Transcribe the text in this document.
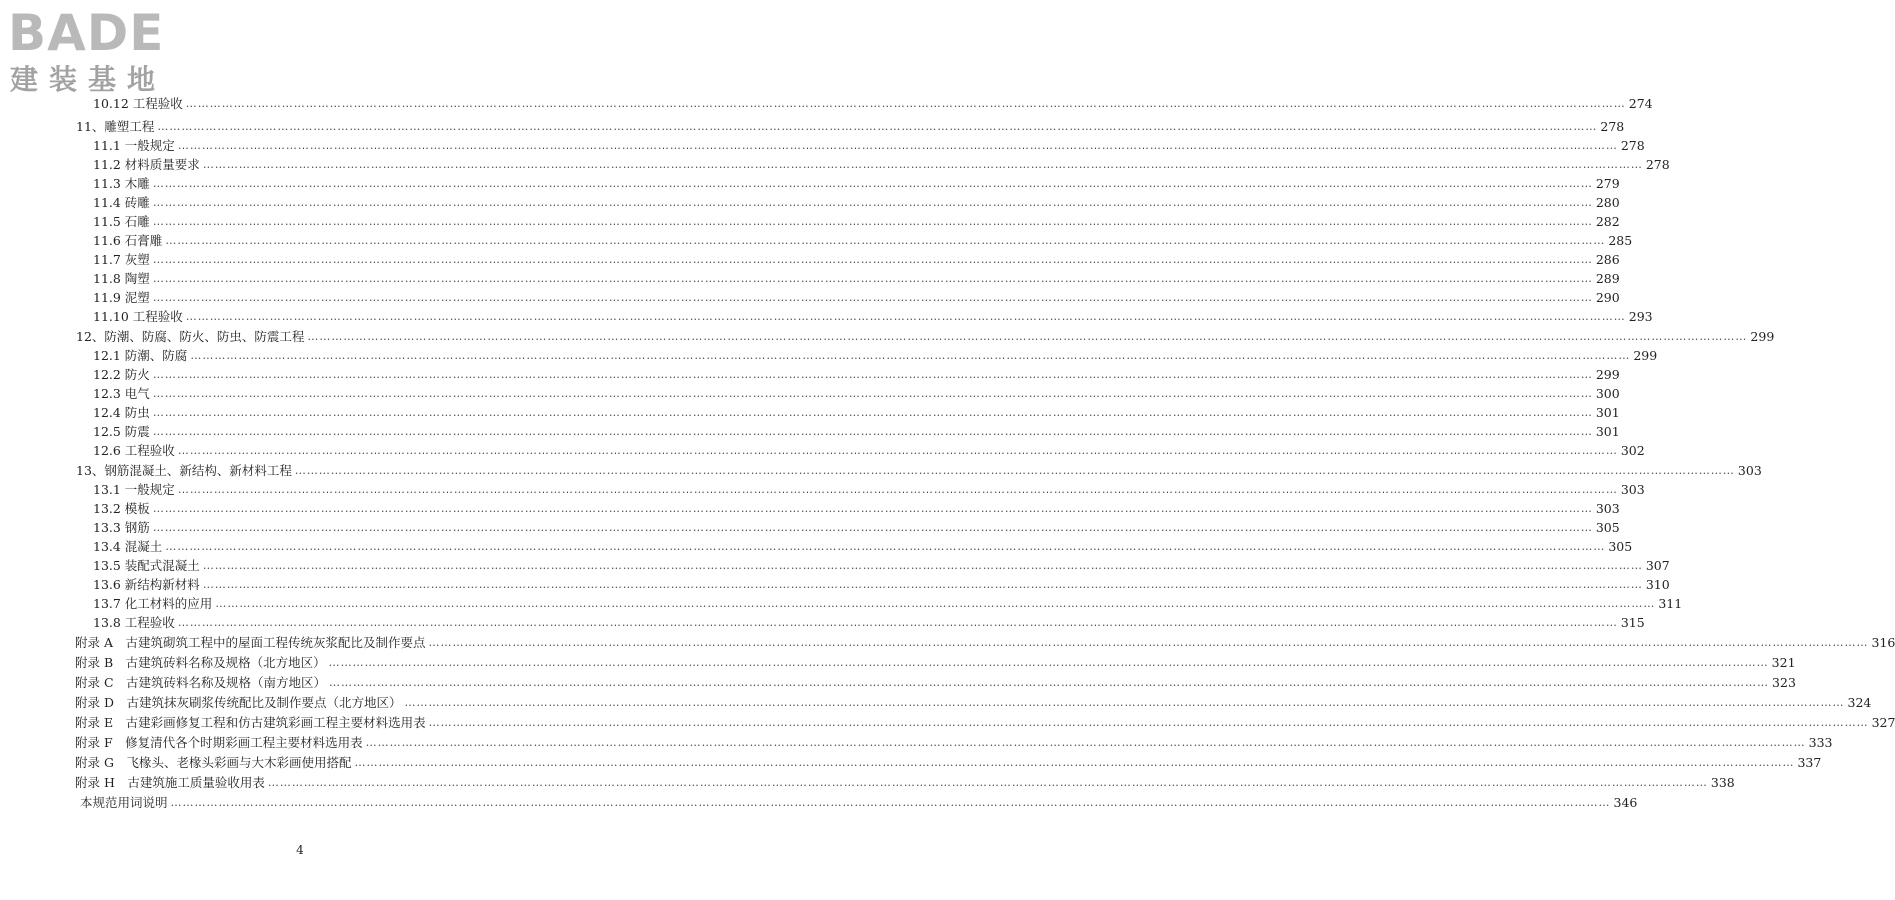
BADE
建装基地
10.12 工程验收 ……………………………………………………………………………………………………………………………………………………………………………………………………………………………………………………………………………………………………………………………… 274
11、雕塑工程 ……………………………………………………………………………………………………………………………………………………………………………………………………………………………………………………………………………………………………………………………… 278
11.1 一般规定 ……………………………………………………………………………………………………………………………………………………………………………………………………………………………………………………………………………………………………………………………… 278
11.2 材料质量要求 ……………………………………………………………………………………………………………………………………………………………………………………………………………………………………………………………………………………………………………………………… 278
11.3 木雕 ……………………………………………………………………………………………………………………………………………………………………………………………………………………………………………………………………………………………………………………………… 279
11.4 砖雕 ……………………………………………………………………………………………………………………………………………………………………………………………………………………………………………………………………………………………………………………………… 280
11.5 石雕 ……………………………………………………………………………………………………………………………………………………………………………………………………………………………………………………………………………………………………………………………… 282
11.6 石膏雕 ……………………………………………………………………………………………………………………………………………………………………………………………………………………………………………………………………………………………………………………………… 285
11.7 灰塑 ……………………………………………………………………………………………………………………………………………………………………………………………………………………………………………………………………………………………………………………………… 286
11.8 陶塑 ……………………………………………………………………………………………………………………………………………………………………………………………………………………………………………………………………………………………………………………………… 289
11.9 泥塑 ……………………………………………………………………………………………………………………………………………………………………………………………………………………………………………………………………………………………………………………………… 290
11.10 工程验收 ……………………………………………………………………………………………………………………………………………………………………………………………………………………………………………………………………………………………………………………………… 293
12、防潮、防腐、防火、防虫、防震工程 ……………………………………………………………………………………………………………………………………………………………………………………………………………………………………………………………………………………………………………………………… 299
12.1 防潮、防腐 ……………………………………………………………………………………………………………………………………………………………………………………………………………………………………………………………………………………………………………………………… 299
12.2 防火 ……………………………………………………………………………………………………………………………………………………………………………………………………………………………………………………………………………………………………………………………… 299
12.3 电气 ……………………………………………………………………………………………………………………………………………………………………………………………………………………………………………………………………………………………………………………………… 300
12.4 防虫 ……………………………………………………………………………………………………………………………………………………………………………………………………………………………………………………………………………………………………………………………… 301
12.5 防震 ……………………………………………………………………………………………………………………………………………………………………………………………………………………………………………………………………………………………………………………………… 301
12.6 工程验收 ……………………………………………………………………………………………………………………………………………………………………………………………………………………………………………………………………………………………………………………………… 302
13、钢筋混凝土、新结构、新材料工程 ……………………………………………………………………………………………………………………………………………………………………………………………………………………………………………………………………………………………………………………………… 303
13.1 一般规定 ……………………………………………………………………………………………………………………………………………………………………………………………………………………………………………………………………………………………………………………………… 303
13.2 模板 ……………………………………………………………………………………………………………………………………………………………………………………………………………………………………………………………………………………………………………………………… 303
13.3 钢筋 ……………………………………………………………………………………………………………………………………………………………………………………………………………………………………………………………………………………………………………………………… 305
13.4 混凝土 ……………………………………………………………………………………………………………………………………………………………………………………………………………………………………………………………………………………………………………………………… 305
13.5 装配式混凝土 ……………………………………………………………………………………………………………………………………………………………………………………………………………………………………………………………………………………………………………………………… 307
13.6 新结构新材料 ……………………………………………………………………………………………………………………………………………………………………………………………………………………………………………………………………………………………………………………………… 310
13.7 化工材料的应用 ……………………………………………………………………………………………………………………………………………………………………………………………………………………………………………………………………………………………………………………………… 311
13.8 工程验收 ……………………………………………………………………………………………………………………………………………………………………………………………………………………………………………………………………………………………………………………………… 315
附录 A　古建筑砌筑工程中的屋面工程传统灰浆配比及制作要点 ……………………………………………………………………………………………………………………………………………………………………………………………………………………………………………………………………………………………………………………………… 316
附录 B　古建筑砖料名称及规格（北方地区） ……………………………………………………………………………………………………………………………………………………………………………………………………………………………………………………………………………………………………………………………… 321
附录 C　古建筑砖料名称及规格（南方地区） ……………………………………………………………………………………………………………………………………………………………………………………………………………………………………………………………………………………………………………………………… 323
附录 D　古建筑抹灰刷浆传统配比及制作要点（北方地区） ……………………………………………………………………………………………………………………………………………………………………………………………………………………………………………………………………………………………………………………………… 324
附录 E　古建彩画修复工程和仿古建筑彩画工程主要材料选用表 ……………………………………………………………………………………………………………………………………………………………………………………………………………………………………………………………………………………………………………………………… 327
附录 F　修复清代各个时期彩画工程主要材料选用表 ……………………………………………………………………………………………………………………………………………………………………………………………………………………………………………………………………………………………………………………………… 333
附录 G　飞椽头、老椽头彩画与大木彩画使用搭配 ……………………………………………………………………………………………………………………………………………………………………………………………………………………………………………………………………………………………………………………………… 337
附录 H　古建筑施工质量验收用表 ……………………………………………………………………………………………………………………………………………………………………………………………………………………………………………………………………………………………………………………………… 338
本规范用词说明 ……………………………………………………………………………………………………………………………………………………………………………………………………………………………………………………………………………………………………………………………… 346
4
